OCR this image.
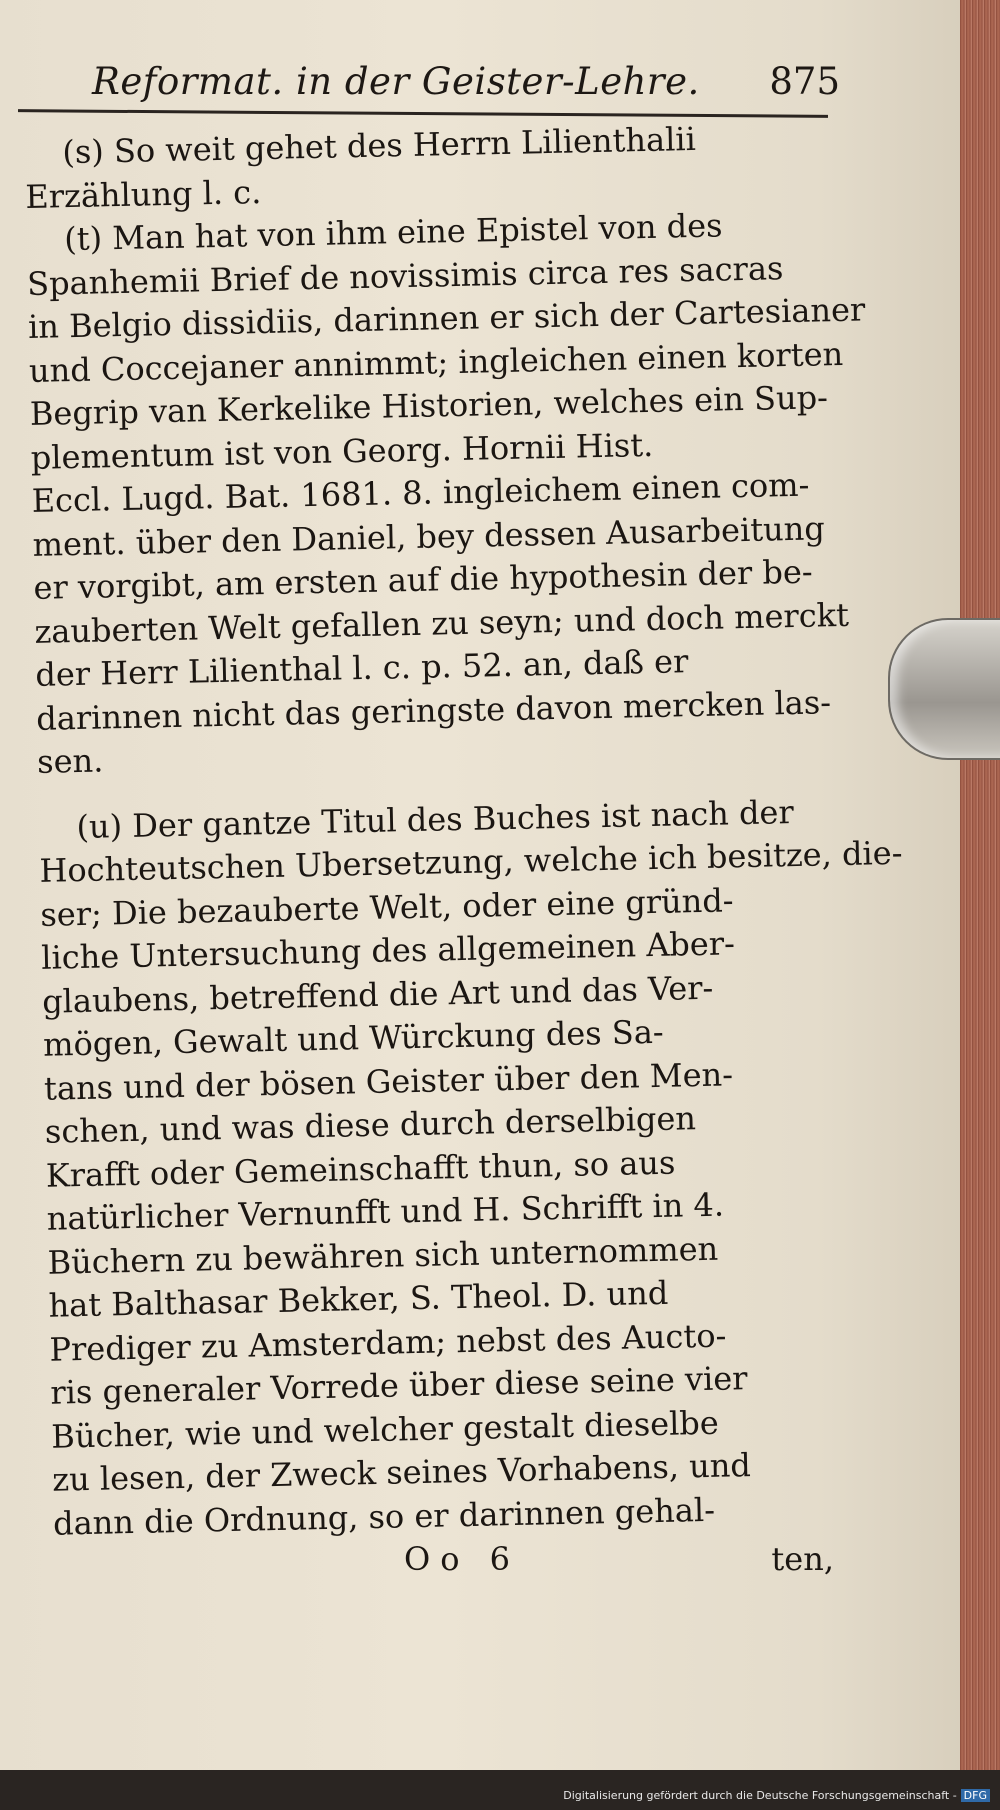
Reformat. in der Geister-Lehre. 875
(s) So weit gehet des Herrn Lilienthalii
Erzählung l. c.
(t) Man hat von ihm eine Epistel von des
Spanhemii Brief de novissimis circa res sacras
in Belgio dissidiis, darinnen er sich der Cartesianer
und Coccejaner annimmt; ingleichen einen korten
Begrip van Kerkelike Historien, welches ein Sup-
plementum ist von Georg. Hornii Hist.
Eccl. Lugd. Bat. 1681. 8. ingleichem einen com-
ment. über den Daniel, bey dessen Ausarbeitung
er vorgibt, am ersten auf die hypothesin der be-
zauberten Welt gefallen zu seyn; und doch merckt
der Herr Lilienthal l. c. p. 52. an, daß er
darinnen nicht das geringste davon mercken las-
sen.
(u) Der gantze Titul des Buches ist nach der
Hochteutschen Ubersetzung, welche ich besitze, die-
ser; Die bezauberte Welt, oder eine gründ-
liche Untersuchung des allgemeinen Aber-
glaubens, betreffend die Art und das Ver-
mögen, Gewalt und Würckung des Sa-
tans und der bösen Geister über den Men-
schen, und was diese durch derselbigen
Krafft oder Gemeinschafft thun, so aus
natürlicher Vernunfft und H. Schrifft in 4.
Büchern zu bewähren sich unternommen
hat Balthasar Bekker, S. Theol. D. und
Prediger zu Amsterdam; nebst des Aucto-
ris generaler Vorrede über diese seine vier
Bücher, wie und welcher gestalt dieselbe
zu lesen, der Zweck seines Vorhabens, und
dann die Ordnung, so er darinnen gehal-
Oo 6	ten,
Digitalisierung gefördert durch die Deutsche Forschungsgemeinschaft - DFG
